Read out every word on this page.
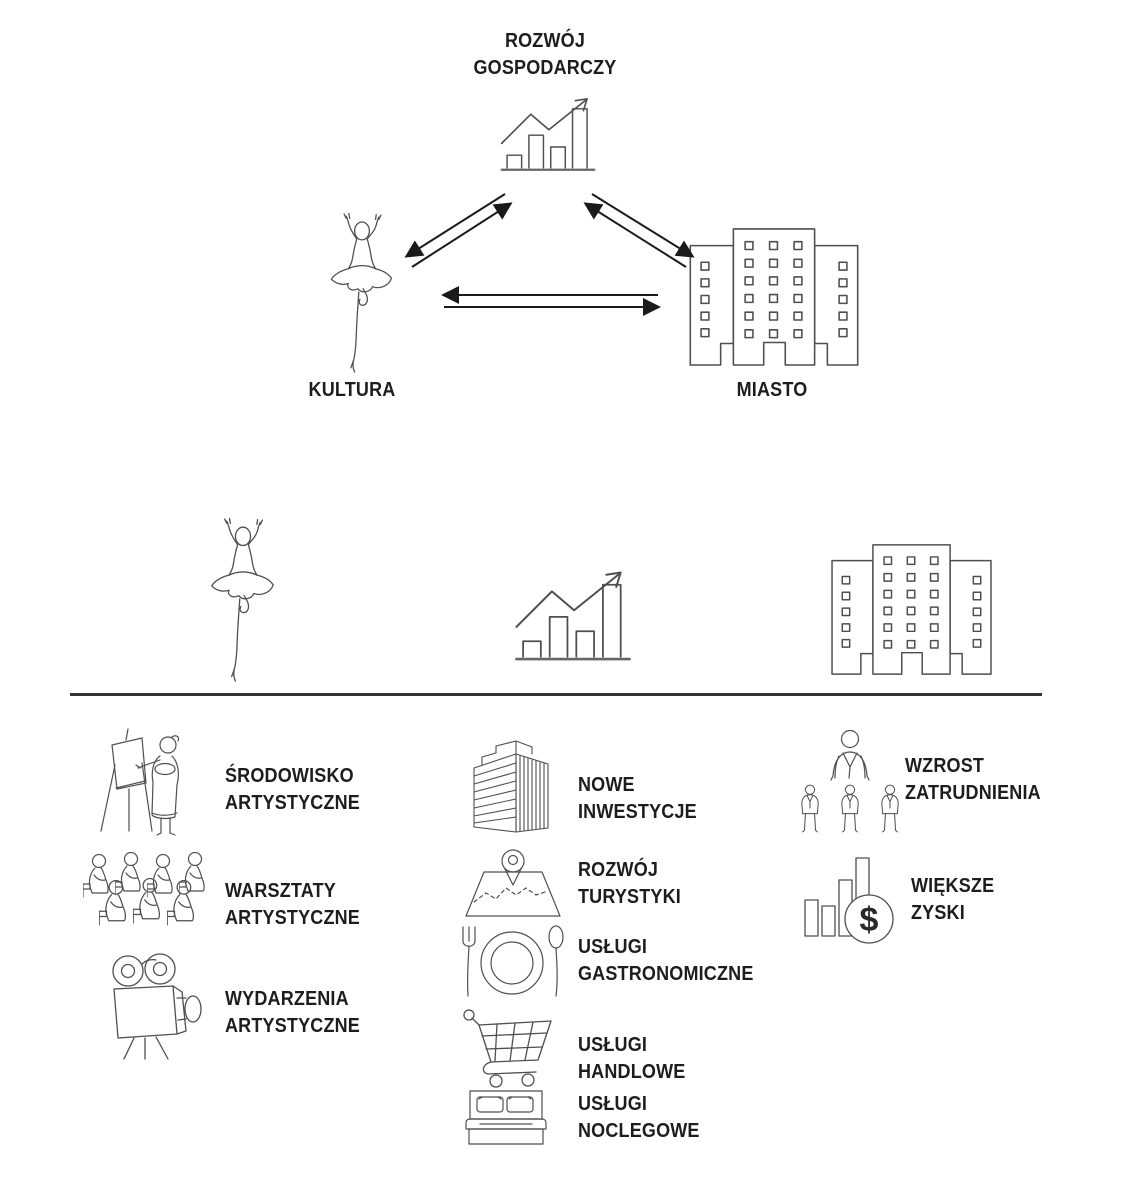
ROZWÓJ GOSPODARCZY
KULTURA	MIASTO
ŚRODOWISKO ARTYSTYCZNE
WARSZTATY ARTYSTYCZNE
WYDARZENIA ARTYSTYCZNE
NOWE INWESTYCJE
ROZWÓJ TURYSTYKI
USŁUGI GASTRONOMICZNE
USŁUGI HANDLOWE
USŁUGI NOCLEGOWE
WZROST ZATRUDNIENIA
$
WIĘKSZE ZYSKI
